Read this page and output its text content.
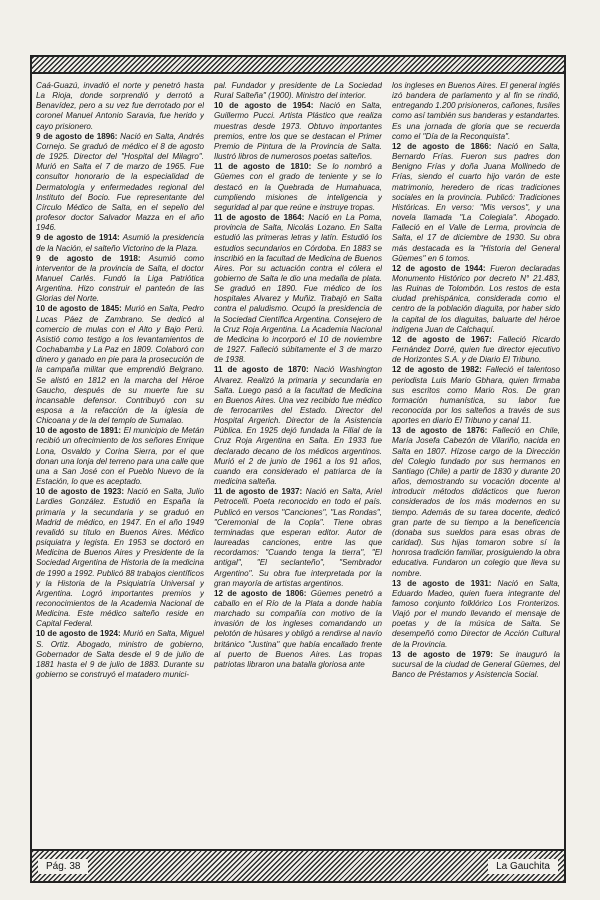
Caá-Guazú, invadió el norte y penetró hasta La Rioja, donde sorprendió y derrotó a Benavídez, pero a su vez fue derrotado por el coronel Manuel Antonio Saravia, fue herido y cayo prisionero.

9 de agosto de 1896: Nació en Salta, Andrés Cornejo. Se graduó de médico el 8 de agosto de 1925. Director del "Hospital del Milagro". Murió en Salta el 7 de marzo de 1965. Fue consultor honorario de la especialidad de Dermatología y enfermedades regional del Instituto del Bocio. Fue representante del Círculo Médico de Salta, en el sepelio del profesor doctor Salvador Mazza en el año 1946.

9 de agosto de 1914: Asumió la presidencia de la Nación, el salteño Victorino de la Plaza.

9 de agosto de 1918: Asumió como interventor de la provincia de Salta, el doctor Manuel Carlés. Fundó la Liga Patriótica Argentina. Hizo construir el panteón de las Glorias del Norte.

10 de agosto de 1845: Murió en Salta, Pedro Lucas Páez de Zambrano. Se dedicó al comercio de mulas con el Alto y Bajo Perú. Asistió como testigo a los levantamientos de Cochabamba y La Paz en 1809. Colaboró con dinero y ganado en pie para la prosecución de la campaña militar que emprendió Belgrano. Se alistó en 1812 en la marcha del Héroe Gaucho, después de su muerte fue su incansable defensor. Contribuyó con su esposa a la refacción de la iglesia de Chicoana y de la del templo de Sumalao.

10 de agosto de 1891: El municipio de Metán recibió un ofrecimiento de los señores Enrique Lona, Osvaldo y Corina Sierra, por el que donan una lonja del terreno para una calle que una a San José con el Pueblo Nuevo de la Estación, lo que es aceptado.

10 de agosto de 1923: Nació en Salta, Julio Lardies González. Estudió en España la primaria y la secundaria y se graduó en Madrid de médico, en 1947. En el año 1949 revalidó su título en Buenos Aires. Médico psiquiatra y legista. En 1953 se doctoró en Medicina de Buenos Aires y Presidente de la Sociedad Argentina de Historia de la medicina de 1990 a 1992. Publicó 88 trabajos científicos y la Historia de la Psiquiatría Universal y Argentina. Logró importantes premios y reconocimientos de la Academia Nacional de Medicina. Este médico salteño reside en Capital Federal.

10 de agosto de 1924: Murió en Salta, Miguel S. Ortiz. Abogado, ministro de gobierno, Gobernador de Salta desde el 9 de julio de 1881 hasta el 9 de julio de 1883. Durante su gobierno se construyó el matadero munici-

pal. Fundador y presidente de La Sociedad Rural Salteña" (1900). Ministro del interior.

10 de agosto de 1954: Nació en Salta, Guillermo Pucci. Artista Plástico que realiza muestras desde 1973. Obtuvo importantes premios, entre los que se destacan el Primer Premio de Pintura de la Provincia de Salta. Ilustró libros de numerosos poetas salteños.

11 de agosto de 1810: Se lo nombró a Güemes con el grado de teniente y se lo destacó en la Quebrada de Humahuaca, cumpliendo misiones de inteligencia y seguridad al par que reúne e instruye tropas.

11 de agosto de 1864: Nació en La Poma, provincia de Salta, Nicolás Lozano. En Salta estudió las primeras letras y latín. Estudió los estudios secundarios en Córdoba. En 1883 se inscribió en la facultad de Medicina de Buenos Aires. Por su actuación contra el cólera el gobierno de Salta le dio una medalla de plata. Se graduó en 1890. Fue médico de los hospitales Alvarez y Muñiz. Trabajó en Salta contra el paludismo. Ocupó la presidencia de la Sociedad Científica Argentina. Consejero de la Cruz Roja Argentina. La Academia Nacional de Medicina lo incorporó el 10 de noviembre de 1927. Falleció súbitamente el 3 de marzo de 1938.

11 de agosto de 1870: Nació Washington Alvarez. Realizó la primaria y secundaria en Salta. Luego pasó a la facultad de Medicina en Buenos Aires. Una vez recibido fue médico de ferrocarriles del Estado. Director del Hospital Argerich. Director de la Asistencia Pública. En 1925 dejó fundada la Filial de la Cruz Roja Argentina en Salta. En 1933 fue declarado decano de los médicos argentinos. Murió el 2 de junio de 1961 a los 91 años, cuando era considerado el patriarca de la medicina salteña.

11 de agosto de 1937: Nació en Salta, Ariel Petrocelli. Poeta reconocido en todo el país. Publicó en versos "Canciones", "Las Rondas", "Ceremonial de la Copla". Tiene obras terminadas que esperan editor. Autor de laureadas canciones, entre las que recordamos: "Cuando tenga la tierra", "El antigal", "El seclanteño", "Sembrador Argentino". Su obra fue interpretada por la gran mayoría de artistas argentinos.

12 de agosto de 1806: Güemes penetró a caballo en el Río de la Plata a donde había marchado su compañía con motivo de la invasión de los ingleses comandando un pelotón de húsares y obligó a rendirse al navío británico "Justina" que había encallado frente al puerto de Buenos Aires. Las tropas patriotas libraron una batalla gloriosa ante

los ingleses en Buenos Aires. El general inglés izó bandera de parlamento y al fin se rindió, entregando 1.200 prisioneros, cañones, fusiles como así también sus banderas y estandartes. Es una jornada de gloria que se recuerda como el "Día de la Reconquista".

12 de agosto de 1866: Nació en Salta, Bernardo Frías. Fueron sus padres don Benigno Frías y doña Juana Mollinedo de Frías, siendo el cuarto hijo varón de este matrimonio, heredero de ricas tradiciones sociales en la provincia. Publicó: Tradiciones Históricas. En verso: "Mis versos", y una novela llamada "La Colegiala". Abogado. Falleció en el Valle de Lerma, provincia de Salta, el 17 de diciembre de 1930. Su obra más destacada es la "Historia del General Güemes" en 6 tomos.

12 de agosto de 1944: Fueron declaradas Monumento Histórico por decreto N° 21.483, las Ruinas de Tolombón. Los restos de esta ciudad prehispánica, considerada como el centro de la población diaguita, por haber sido la capital de los diaguitas, baluarte del héroe indígena Juan de Calchaquí.

12 de agosto de 1967: Falleció Ricardo Fernández Dorré, quien fue director ejecutivo de Horizontes S.A. y de Diario El Tribuno.

12 de agosto de 1982: Falleció el talentoso periodista Luis Mario Gbhara, quien firmaba sus escritos como Mario Ros. De gran formación humanística, su labor fue reconocida por los salteños a través de sus aportes en diario El Tribuno y canal 11.

13 de agosto de 1876: Falleció en Chile, María Josefa Cabezón de Vilariño, nacida en Salta en 1807. Hízose cargo de la Dirección del Colegio fundado por sus hermanos en Santiago (Chile) a partir de 1830 y durante 20 años, demostrando su vocación docente al introducir métodos didácticos que fueron considerados de los más modernos en su tiempo. Además de su tarea docente, dedicó gran parte de su tiempo a la beneficencia (donaba sus sueldos para esas obras de caridad). Sus hijas tomaron sobre sí la honrosa tradición familiar, prosiguiendo la obra educativa. Fundaron un colegio que lleva su nombre.

13 de agosto de 1931: Nació en Salta, Eduardo Madeo, quien fuera integrante del famoso conjunto folklórico Los Fronterizos. Viajó por el mundo llevando el mensaje de poetas y de la música de Salta. Se desempeñó como Director de Acción Cultural de la Provincia.

13 de agosto de 1979: Se inauguró la sucursal de la ciudad de General Güemes, del Banco de Préstamos y Asistencia Social.

Pág. 38	La Gauchita
